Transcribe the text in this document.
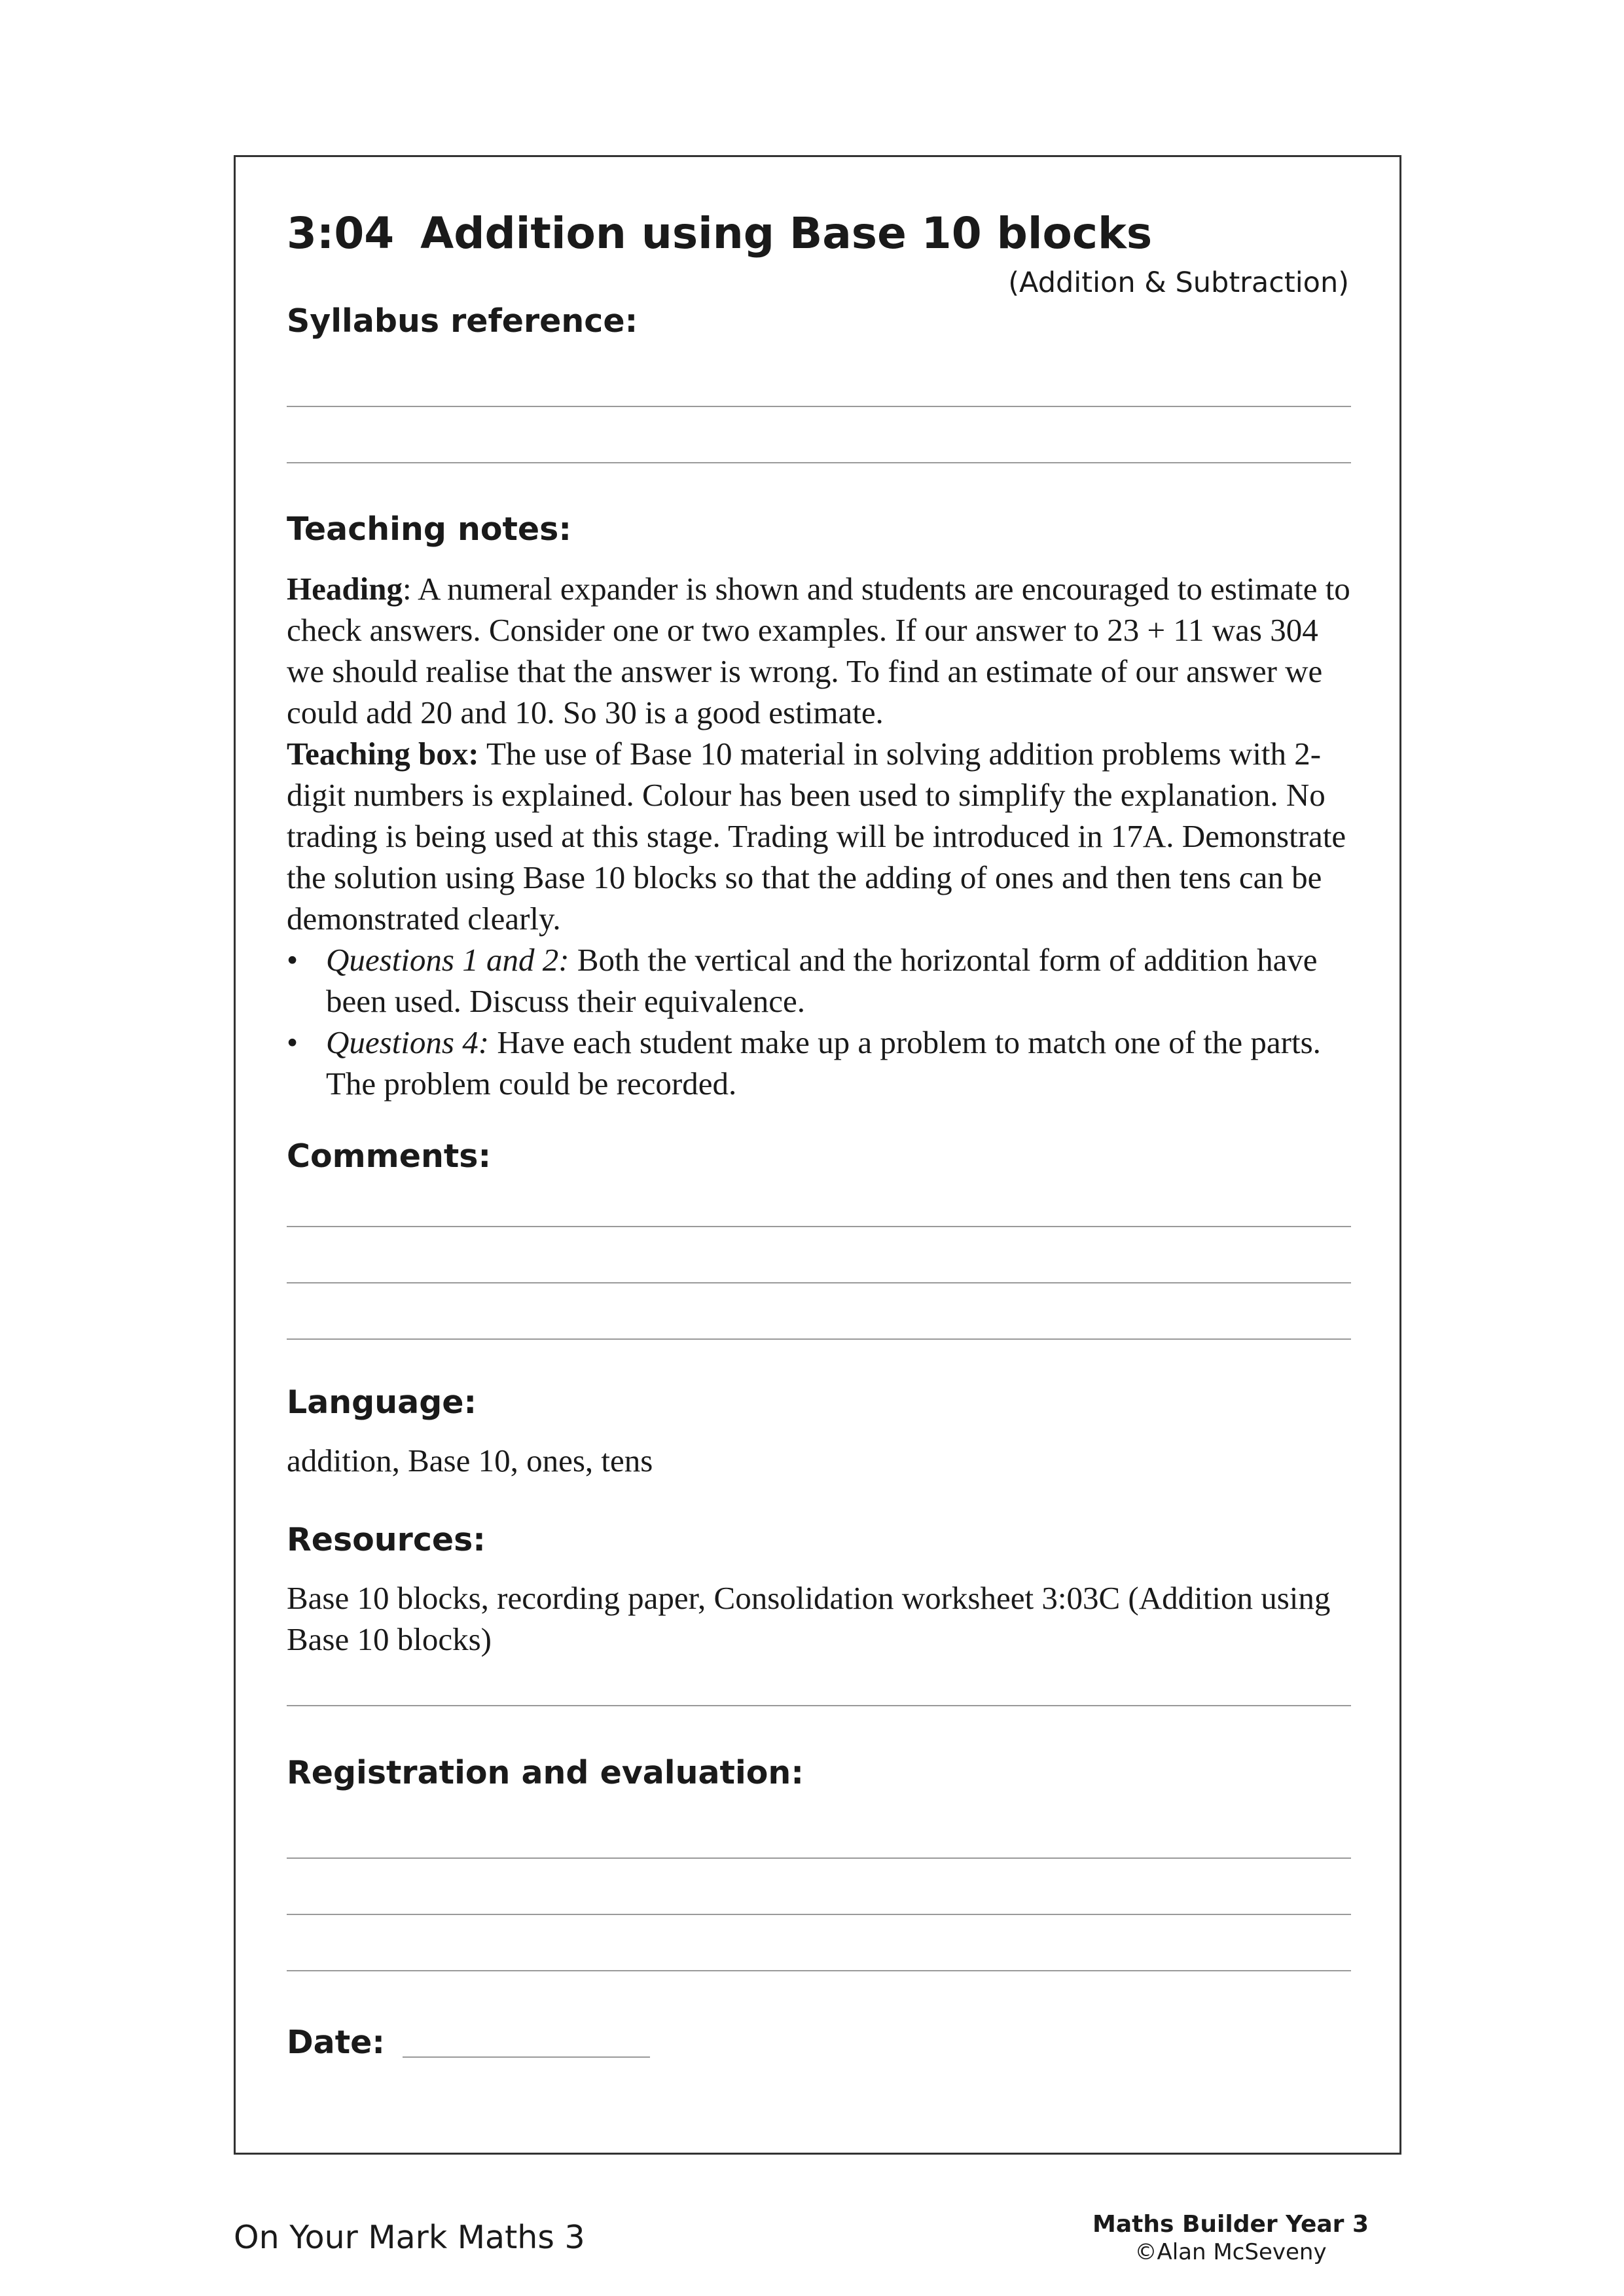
3:04 Addition using Base 10 blocks
(Addition & Subtraction)
Syllabus reference:
Teaching notes:

Heading: A numeral expander is shown and students are encouraged to estimate to check answers. Consider one or two examples. If our answer to 23 + 11 was 304 we should realise that the answer is wrong. To find an estimate of our answer we could add 20 and 10. So 30 is a good estimate.

Teaching box: The use of Base 10 material in solving addition problems with 2-digit numbers is explained. Colour has been used to simplify the explanation. No trading is being used at this stage. Trading will be introduced in 17A. Demonstrate the solution using Base 10 blocks so that the adding of ones and then tens can be demonstrated clearly.

• Questions 1 and 2: Both the vertical and the horizontal form of addition have been used. Discuss their equivalence.

• Questions 4: Have each student make up a problem to match one of the parts. The problem could be recorded.

Comments:
Language:
addition, Base 10, ones, tens
Resources:
Base 10 blocks, recording paper, Consolidation worksheet 3:03C (Addition using Base 10 blocks)
Registration and evaluation:
Date:
On Your Mark Maths 3	Maths Builder Year 3
©Alan McSeveny
